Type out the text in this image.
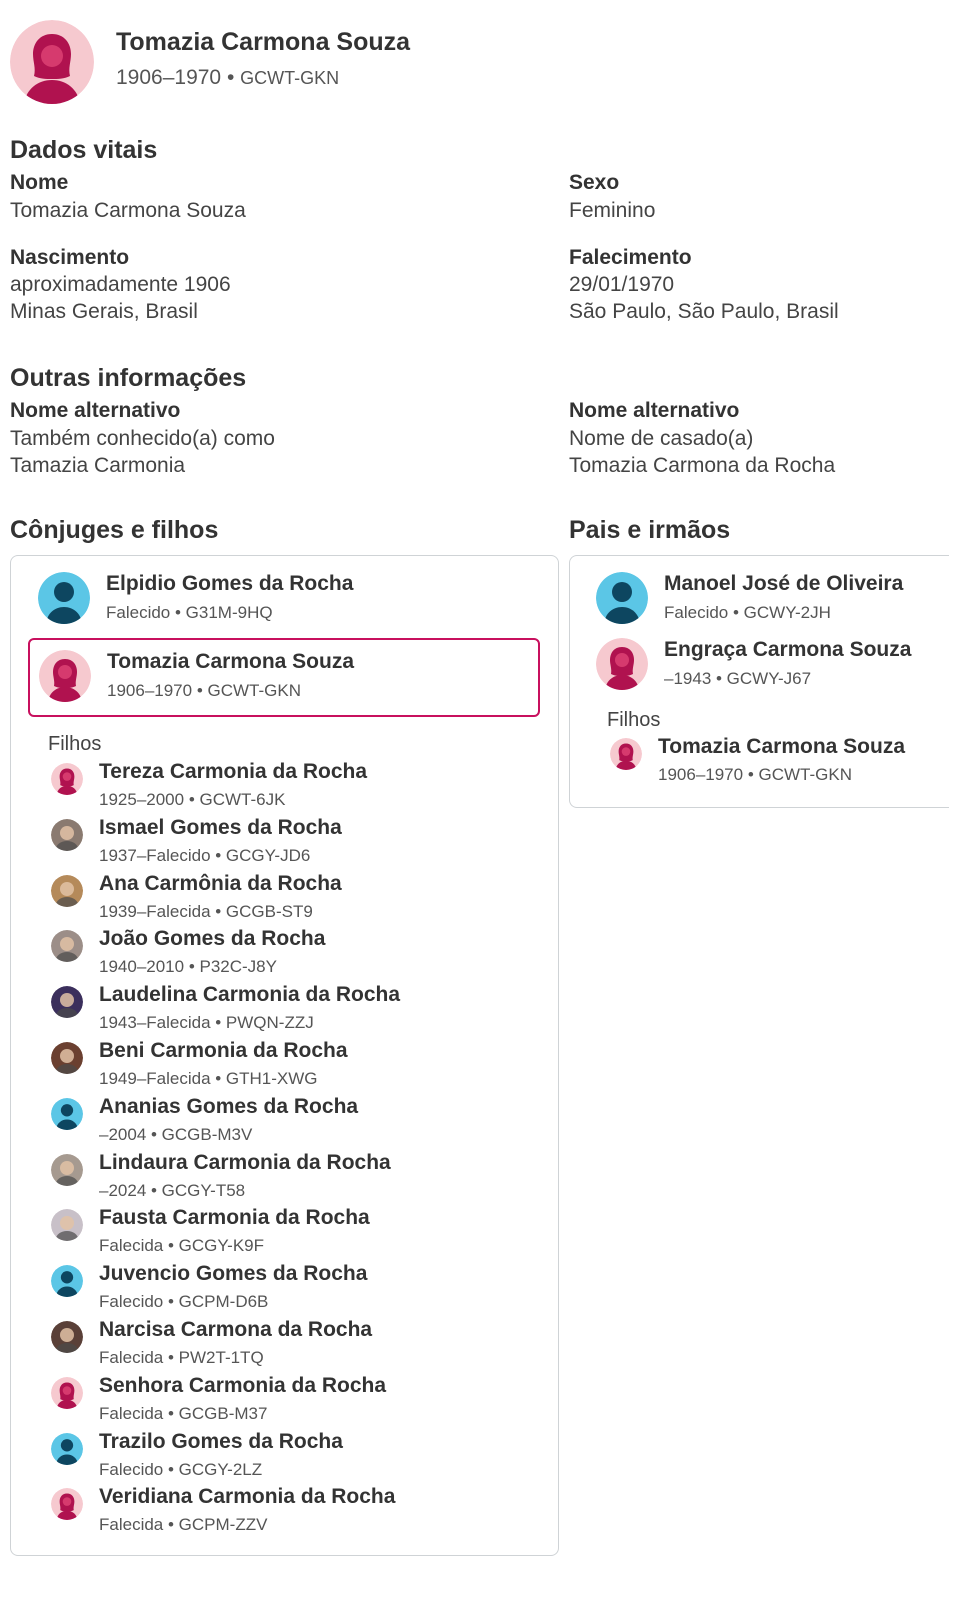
Tomazia Carmona Souza
1906–1970 • GCWT-GKN
Dados vitais
Nome
Tomazia Carmona Souza
Sexo
Feminino
Nascimento
aproximadamente 1906
Minas Gerais, Brasil
Falecimento
29/01/1970
São Paulo, São Paulo, Brasil
Outras informações
Nome alternativo
Também conhecido(a) como
Tamazia Carmonia
Nome alternativo
Nome de casado(a)
Tomazia Carmona da Rocha
Cônjuges e filhos
Elpidio Gomes da Rocha
Falecido • G31M-9HQ
Tomazia Carmona Souza
1906–1970 • GCWT-GKN
Filhos
Tereza Carmonia da Rocha
1925–2000 • GCWT-6JK
Ismael Gomes da Rocha
1937–Falecido • GCGY-JD6
Ana Carmônia da Rocha
1939–Falecida • GCGB-ST9
João Gomes da Rocha
1940–2010 • P32C-J8Y
Laudelina Carmonia da Rocha
1943–Falecida • PWQN-ZZJ
Beni Carmonia da Rocha
1949–Falecida • GTH1-XWG
Ananias Gomes da Rocha
–2004 • GCGB-M3V
Lindaura Carmonia da Rocha
–2024 • GCGY-T58
Fausta Carmonia da Rocha
Falecida • GCGY-K9F
Juvencio Gomes da Rocha
Falecido • GCPM-D6B
Narcisa Carmona da Rocha
Falecida • PW2T-1TQ
Senhora Carmonia da Rocha
Falecida • GCGB-M37
Trazilo Gomes da Rocha
Falecido • GCGY-2LZ
Veridiana Carmonia da Rocha
Falecida • GCPM-ZZV
Pais e irmãos
Manoel José de Oliveira
Falecido • GCWY-2JH
Engraça Carmona Souza
–1943 • GCWY-J67
Filhos
Tomazia Carmona Souza
1906–1970 • GCWT-GKN
